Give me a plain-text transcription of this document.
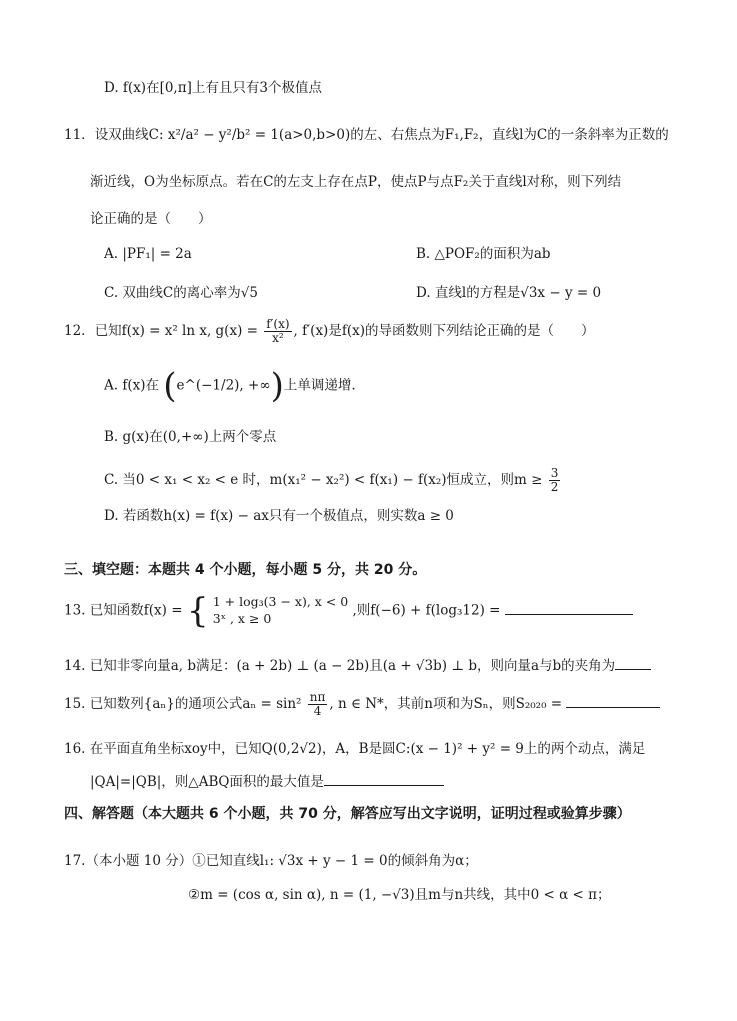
D. f(x)在[0,π]上有且只有3个极值点
11．设双曲线C: x²/a² − y²/b² = 1(a>0,b>0)的左、右焦点为F₁,F₂，直线l为C的一条斜率为正数的
渐近线，O为坐标原点。若在C的左支上存在点P，使点P与点F₂关于直线l对称，则下列结
论正确的是（　　）
A. |PF₁| = 2a	B. △POF₂的面积为ab
C. 双曲线C的离心率为√5	D. 直线l的方程是√3x − y = 0
12．已知f(x) = x² ln x, $g(x) = \frac{f'(x)}{\text{x²}}$ , f′(x)是f(x)的导函数则下列结论正确的是（　　）
A. f(x)在 (e^(−1/2), +∞)上单调递增.
B. g(x)在(0,+∞)上两个零点
C. 当0 < x₁ < x₂ < e 时，m(x₁² − x₂²) < f(x₁) − f(x₂)恒成立，则$m \ge \frac{3}{2}$
D. 若函数h(x) = f(x) − ax只有一个极值点，则实数a ≥ 0
三、填空题：本题共 4 个小题，每小题 5 分，共 20 分。
13. 已知函数f(x) = { 1 + log₃(3 − x), x < 0
3ˣ , x ≥ 0	,则f(−6) + f(log₃12) =
14. 已知非零向量a, b满足：(a + 2b) ⊥ (a − 2b)且(a + √3b) ⊥ b，则向量a与b的夹角为
15. 已知数列{aₙ}的通项公式$a_n = \sin^2 \frac{n\pi}{4}$ , n ∈ N*，其前n项和为Sₙ，则S₂₀₂₀ =
16. 在平面直角坐标xoy中，已知Q(0,2√2)，A，B是圆C:(x − 1)² + y² = 9上的两个动点，满足
|QA|=|QB|，则△ABQ面积的最大值是
四、解答题（本大题共 6 个小题，共 70 分，解答应写出文字说明，证明过程或验算步骤）
17.（本小题 10 分）①已知直线l₁: √3x + y − 1 = 0的倾斜角为α；
②m = (cos α, sin α), n = (1, −√3)且m与n共线，其中0 < α < π；
